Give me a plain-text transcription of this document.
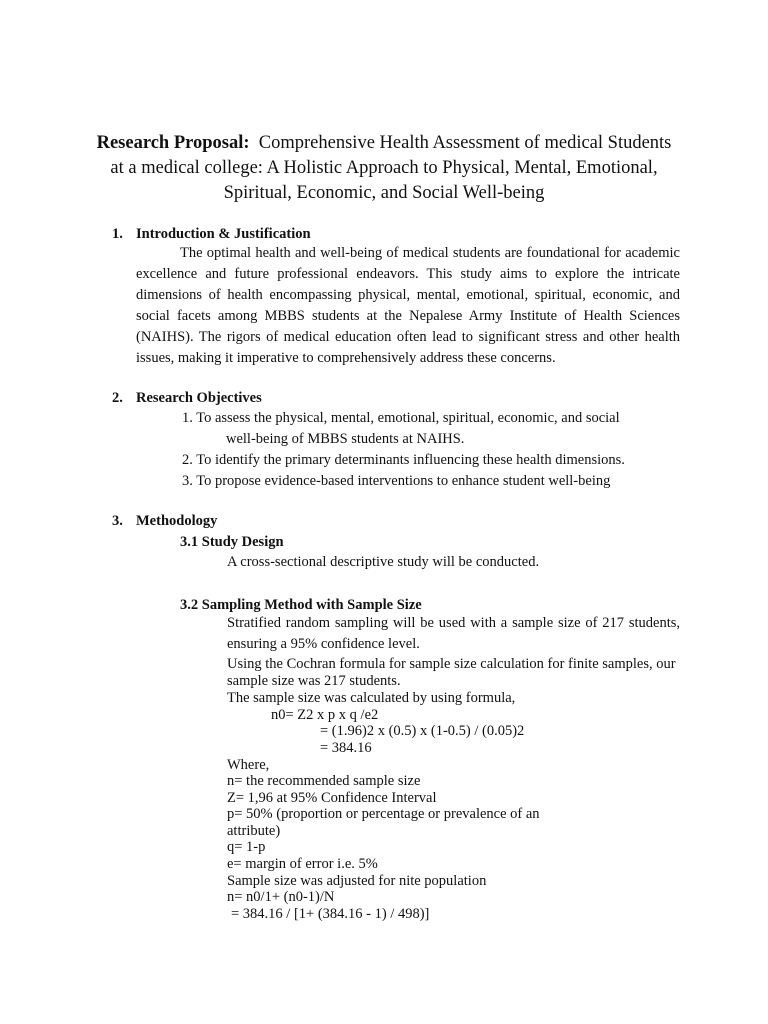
Research Proposal: Comprehensive Health Assessment of medical Students at a medical college: A Holistic Approach to Physical, Mental, Emotional, Spiritual, Economic, and Social Well-being
1. Introduction & Justification
The optimal health and well-being of medical students are foundational for academic excellence and future professional endeavors. This study aims to explore the intricate dimensions of health encompassing physical, mental, emotional, spiritual, economic, and social facets among MBBS students at the Nepalese Army Institute of Health Sciences (NAIHS). The rigors of medical education often lead to significant stress and other health issues, making it imperative to comprehensively address these concerns.
2. Research Objectives
1. To assess the physical, mental, emotional, spiritual, economic, and social
well-being of MBBS students at NAIHS.
2. To identify the primary determinants influencing these health dimensions.
3. To propose evidence-based interventions to enhance student well-being
3. Methodology
3.1 Study Design
A cross-sectional descriptive study will be conducted.
3.2 Sampling Method with Sample Size
Stratified random sampling will be used with a sample size of 217 students, ensuring a 95% confidence level.
Using the Cochran formula for sample size calculation for finite samples, our sample size was 217 students.
The sample size was calculated by using formula,
n0= Z2 x p x q /e2
= (1.96)2 x (0.5) x (1-0.5) / (0.05)2
= 384.16
Where,
n= the recommended sample size
Z= 1,96 at 95% Confidence Interval
p= 50% (proportion or percentage or prevalence of an
attribute)
q= 1-p
e= margin of error i.e. 5%
Sample size was adjusted for nite population
n= n0/1+ (n0-1)/N
= 384.16 / [1+ (384.16 - 1) / 498)]
